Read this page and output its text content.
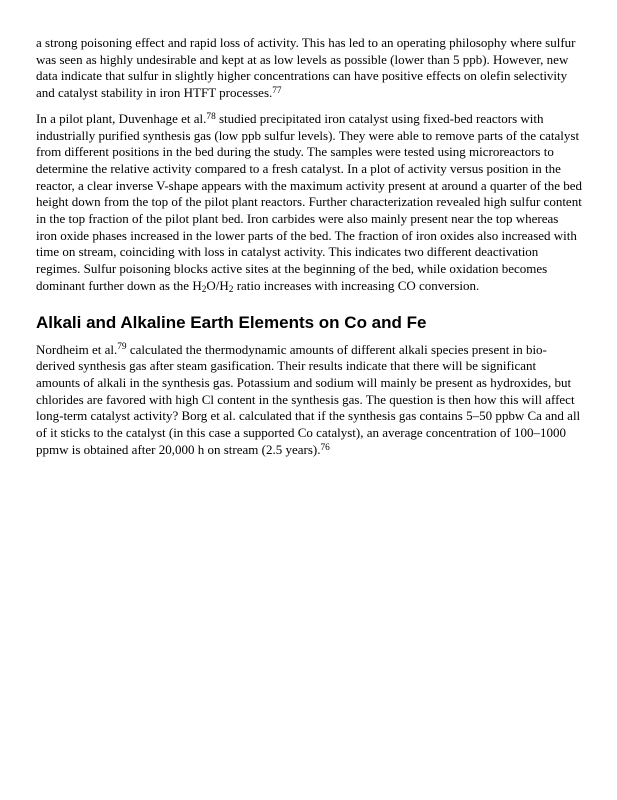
a strong poisoning effect and rapid loss of activity. This has led to an operating philosophy where sulfur was seen as highly undesirable and kept at as low levels as possible (lower than 5 ppb). However, new data indicate that sulfur in slightly higher concentrations can have positive effects on olefin selectivity and catalyst stability in iron HTFT processes.$^{77}$

In a pilot plant, Duvenhage et al.$^{78}$ studied precipitated iron catalyst using fixed-bed reactors with industrially purified synthesis gas (low ppb sulfur levels). They were able to remove parts of the catalyst from different positions in the bed during the study. The samples were tested using microreactors to determine the relative activity compared to a fresh catalyst. In a plot of activity versus position in the reactor, a clear inverse V-shape appears with the maximum activity present at around a quarter of the bed height down from the top of the pilot plant reactors. Further characterization revealed high sulfur content in the top fraction of the pilot plant bed. Iron carbides were also mainly present near the top whereas iron oxide phases increased in the lower parts of the bed. The fraction of iron oxides also increased with time on stream, coinciding with loss in catalyst activity. This indicates two different deactivation regimes. Sulfur poisoning blocks active sites at the beginning of the bed, while oxidation becomes dominant further down as the $H_2O/H_2$ ratio increases with increasing CO conversion.

Alkali and Alkaline Earth Elements on Co and Fe

Nordheim et al.$^{79}$ calculated the thermodynamic amounts of different alkali species present in bio-derived synthesis gas after steam gasification. Their results indicate that there will be significant amounts of alkali in the synthesis gas. Potassium and sodium will mainly be present as hydroxides, but chlorides are favored with high Cl content in the synthesis gas. The question is then how this will affect long-term catalyst activity? Borg et al. calculated that if the synthesis gas contains 5–50 ppbw Ca and all of it sticks to the catalyst (in this case a supported Co catalyst), an average concentration of 100–1000 ppmw is obtained after 20,000 h on stream (2.5 years).$^{76}$
